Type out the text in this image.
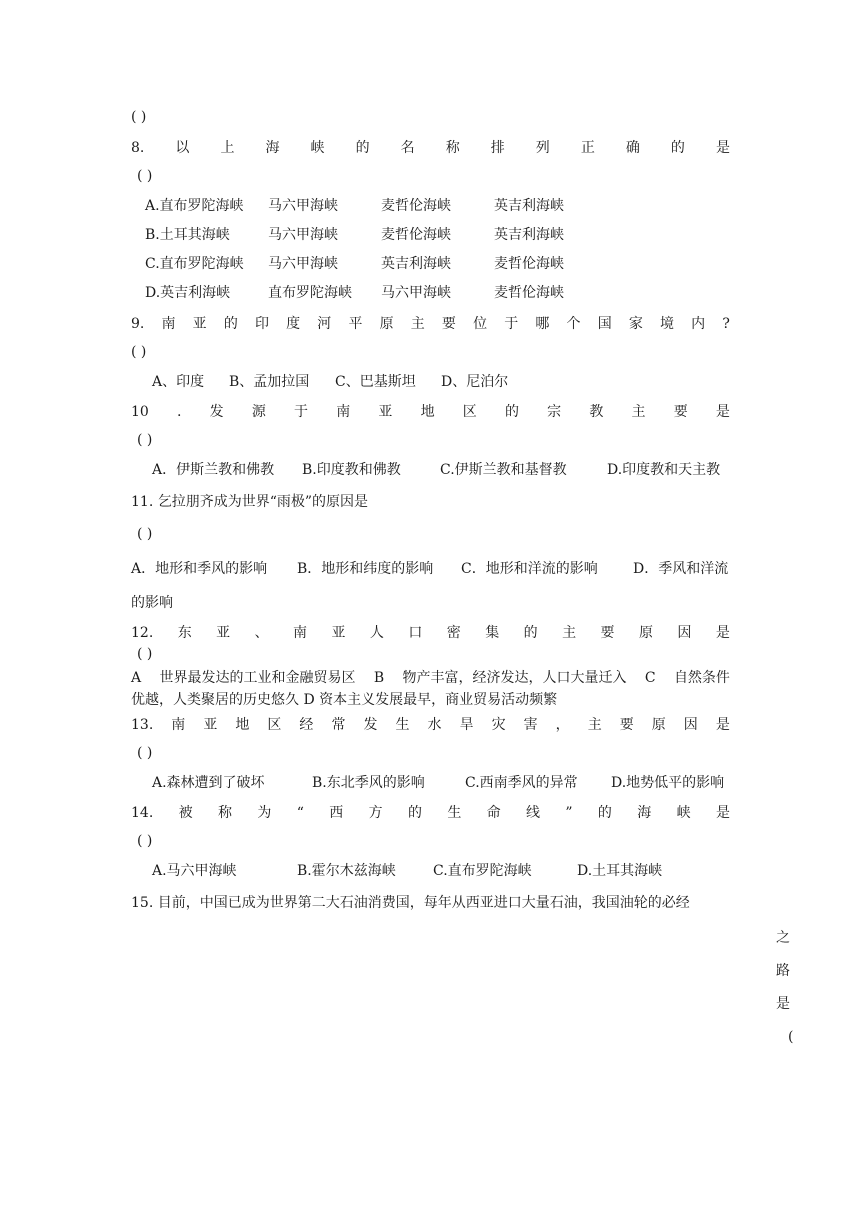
( )
8. 以 上 海 峡 的 名 称 排 列 正 确 的 是
( )
A.直布罗陀海峡 马六甲海峡	麦哲伦海峡	英吉利海峡
B.土耳其海峡	马六甲海峡	麦哲伦海峡	英吉利海峡
C.直布罗陀海峡 马六甲海峡	英吉利海峡	麦哲伦海峡
D.英吉利海峡	直布罗陀海峡 马六甲海峡	麦哲伦海峡
9. 南 亚 的 印 度 河 平 原 主 要 位 于 哪 个 国 家 境 内 ?
( )
A、印度 B、孟加拉国 C、巴基斯坦 D、尼泊尔
10 . 发 源 于 南 亚 地 区 的 宗 教 主 要 是
( )
A．伊斯兰教和佛教 B.印度教和佛教	C.伊斯兰教和基督教	D.印度教和天主教
11. 乞拉朋齐成为世界“雨极”的原因是
( )
A．地形和季风的影响 B．地形和纬度的影响 C．地形和洋流的影响	D．季风和洋流
的影响
12. 东 亚 、 南 亚 人 口 密 集 的 主 要 原 因 是
( )
A 世界最发达的工业和金融贸易区 B 物产丰富，经济发达，人口大量迁入 C 自然条件
优越，人类聚居的历史悠久 D 资本主义发展最早，商业贸易活动频繁
13. 南 亚 地 区 经 常 发 生 水 旱 灾 害 ， 主 要 原 因 是
( )
A.森林遭到了破坏	B.东北季风的影响	C.西南季风的异常 D.地势低平的影响
14. 被 称 为 “ 西 方 的 生 命 线 ” 的 海 峡 是
( )
A.马六甲海峡	B.霍尔木兹海峡	C.直布罗陀海峡	D.土耳其海峡
15. 目前，中国已成为世界第二大石油消费国，每年从西亚进口大量石油，我国油轮的必经
之
路
是
(
